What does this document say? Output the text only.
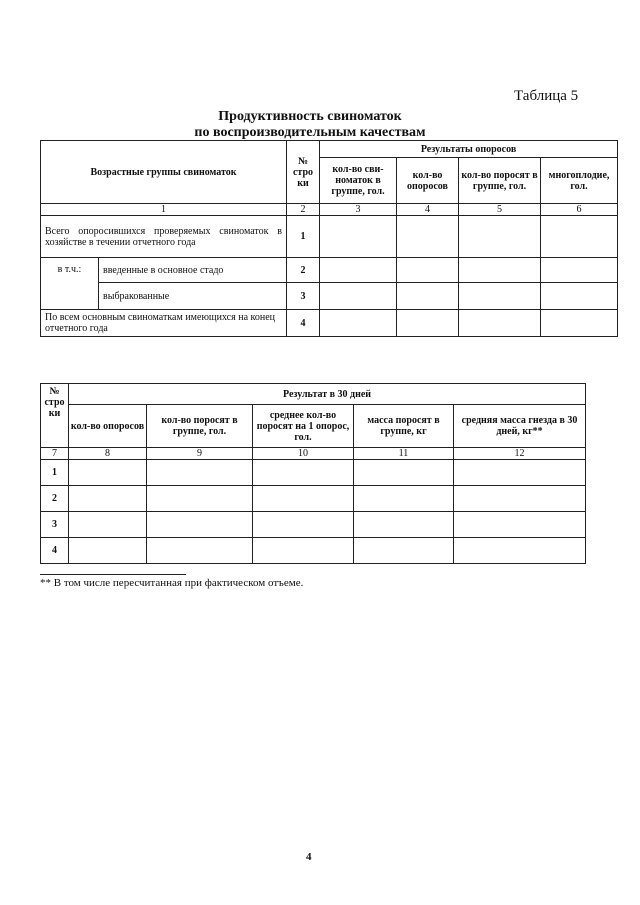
Таблица 5
Продуктивность свиноматок
по воспроизводительным качествам
Возрастные группы свиноматок		№ стро ки	Результаты опоросов			
			кол-во сви-номаток в группе, гол.	кол-во опоросов	кол-во поросят в группе, гол.	многоплодие, гол.
1		2	3	4	5	6
Всего опоросившихся проверяемых свиноматок в хозяйстве в течении отчетного года		1				
в т.ч.:	введенные в основное стадо	2				
	выбракованные	3				
По всем основным свиноматкам имеющихся на конец отчетного года		4				
№ стро ки	Результат в 30 дней				
	кол-во опоросов	кол-во поросят в группе, гол.	среднее кол-во поросят на 1 опорос, гол.	масса поросят в группе, кг	средняя масса гнезда в 30 дней, кг**
7	8	9	10	11	12
1					
2					
3					
4					
** В том числе пересчитанная при фактическом отъеме.
4
